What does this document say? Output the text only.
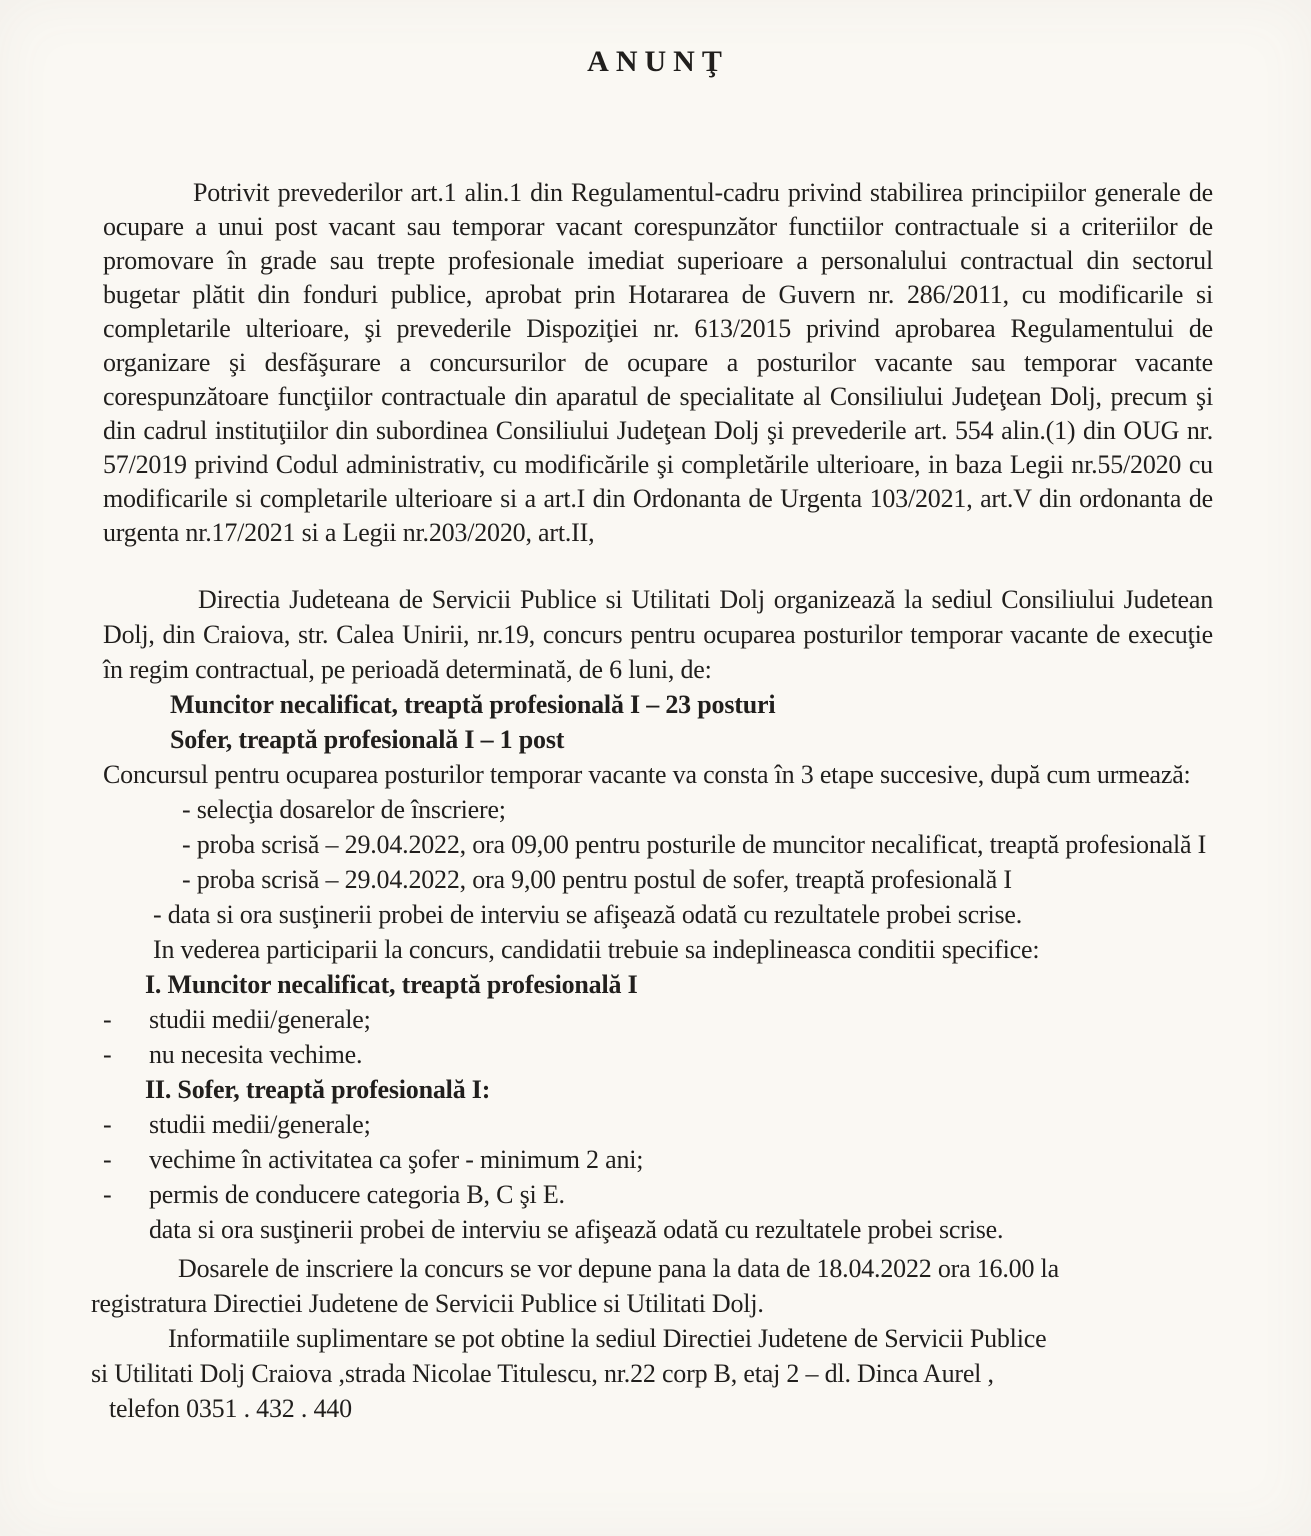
ANUNŢ

Potrivit prevederilor art.1 alin.1 din Regulamentul-cadru privind stabilirea principiilor generale de ocupare a unui post vacant sau temporar vacant corespunzător functiilor contractuale si a criteriilor de promovare în grade sau trepte profesionale imediat superioare a personalului contractual din sectorul bugetar plătit din fonduri publice, aprobat prin Hotararea de Guvern nr. 286/2011, cu modificarile si completarile ulterioare, şi prevederile Dispoziţiei nr. 613/2015 privind aprobarea Regulamentului de organizare şi desfăşurare a concursurilor de ocupare a posturilor vacante sau temporar vacante corespunzătoare funcţiilor contractuale din aparatul de specialitate al Consiliului Judeţean Dolj, precum şi din cadrul instituţiilor din subordinea Consiliului Judeţean Dolj şi prevederile art. 554 alin.(1) din OUG nr. 57/2019 privind Codul administrativ, cu modificările şi completările ulterioare, in baza Legii nr.55/2020 cu modificarile si completarile ulterioare si a art.I din Ordonanta de Urgenta 103/2021, art.V din ordonanta de urgenta nr.17/2021 si a Legii nr.203/2020, art.II,

Directia Judeteana de Servicii Publice si Utilitati Dolj organizează la sediul Consiliului Judetean Dolj, din Craiova, str. Calea Unirii, nr.19, concurs pentru ocuparea posturilor temporar vacante de execuţie în regim contractual, pe perioadă determinată, de 6 luni, de:

Muncitor necalificat, treaptă profesională I – 23 posturi
Sofer, treaptă profesională I – 1 post

Concursul pentru ocuparea posturilor temporar vacante va consta în 3 etape succesive, după cum urmează:

- selecţia dosarelor de înscriere;

- proba scrisă – 29.04.2022, ora 09,00 pentru posturile de muncitor necalificat, treaptă profesională I

- proba scrisă – 29.04.2022, ora 9,00 pentru postul de sofer, treaptă profesională I

- data si ora susţinerii probei de interviu se afişează odată cu rezultatele probei scrise.

In vederea participarii la concurs, candidatii trebuie sa indeplineasca conditii specifice:

I. Muncitor necalificat, treaptă profesională I
-	studii medii/generale;
-	nu necesita vechime.
II. Sofer, treaptă profesională I:
-	studii medii/generale;
-	vechime în activitatea ca şofer - minimum 2 ani;
-	permis de conducere categoria B, C şi E.

data si ora susţinerii probei de interviu se afişează odată cu rezultatele probei scrise.

Dosarele de inscriere la concurs se vor depune pana la data de 18.04.2022 ora 16.00 la

registratura Directiei Judetene de Servicii Publice si Utilitati Dolj.

Informatiile suplimentare se pot obtine la sediul Directiei Judetene de Servicii Publice

si Utilitati Dolj Craiova ,strada Nicolae Titulescu, nr.22 corp B, etaj 2 – dl. Dinca Aurel ,

telefon 0351 . 432 . 440
